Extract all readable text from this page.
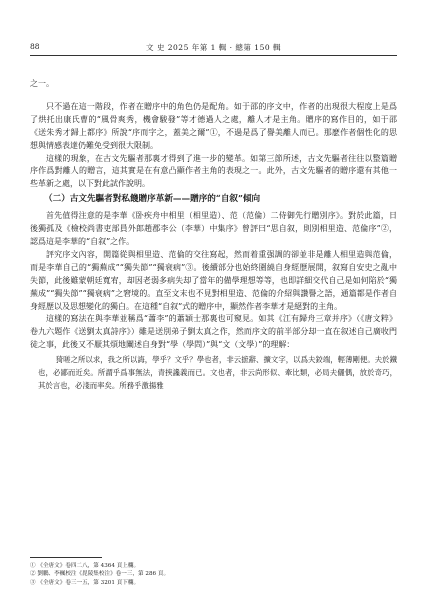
88	文 史 2025 年第 1 輯 · 總第 150 輯

之一。

只不過在這一階段，作者在贈序中的角色仍是配角。如于邵的序文中，作者的出現很大程度上是爲了烘托出康氏曹的“風骨爽秀，機會駿發”等才德過人之處，離人才是主角。贈序的寫作目的，如于邵《送朱秀才歸上都序》所說“序而字之，蓋美之爾”①，不過是爲了譽美離人而已。那麽作者個性化的思想與情感表達仍難免受到很大限制。

這樣的現象，在古文先驅者那裏才得到了進一步的變革。如第三節所述，古文先驅者往往以整篇贈序作爲對離人的贈言，這其實是在有意凸顯作者主角的表現之一。此外，古文先驅者的贈序還有其他一些革新之處，以下對此試作說明。

（二）古文先驅者對私餞贈序革新——贈序的“自叙”傾向

首先值得注意的是李華《卧疾舟中相里（相里造）、范（范倫）二侍御先行贈別序》。對於此篇，日後獨孤及《檢校尚書吏部員外郎趙郡李公（李華）中集序》曾評曰“思自叙，則別相里造、范倫序”②，認爲這是李華的“自叙”之作。

評究序文內容，開篇從與相里造、范倫的交往寫起，然而着重强調的卻並非是離人相里造與范倫，而是李華自己的“獨蕪成”“獨失節”“獨衰病”③。後續部分也始終圍繞自身經歷展開，叙寫自安史之亂中失節，此後雖蒙朝廷寬宥，却因老弱多病失却了當年的備學理想等等，也即詳細交代自己是如何陷於“獨蕪成”“獨失節”“獨衰病”之窘境的。直至文末也不見對相里造、范倫的介紹與讚譽之語，通篇都是作者自身經歷以及思想變化的獨白。在這種“自叙”式的贈序中，顯然作者李華才是絕對的主角。

這樣的寫法在與李華並稱爲“蕭李”的蕭穎士那裏也可窺見。如其《江有歸舟三章并序》（《唐文粹》卷九六題作《送劉太真詩序》）雖是送別弟子劉太真之作，然而序文的前半部分却一直在叙述自己廣收門徒之事，此後又不厭其煩地闡述自身對“學（學問）”與“文（文學）”的理解：

猗嗟之所以求，我之所以誨，學乎？文乎？學也者，非云摭辭、擴文字，以爲夫鉸端，輕薄剛便。夫於鐵也，必鄙而近矣。所謂乎爲事無法，青挾讒義而已。文也者，非云尚形似、牽比類，必局夫儷偶，放於奇巧，其於言也，必淺而率矣。所務乎激揚雅

① 《全唐文》卷四二八，第 4364 頁上欄。

② 劉鵬、李楓校注《毘陵集校注》卷一三，第 286 頁。

③ 《全唐文》卷三一五，第 3201 頁下欄。
